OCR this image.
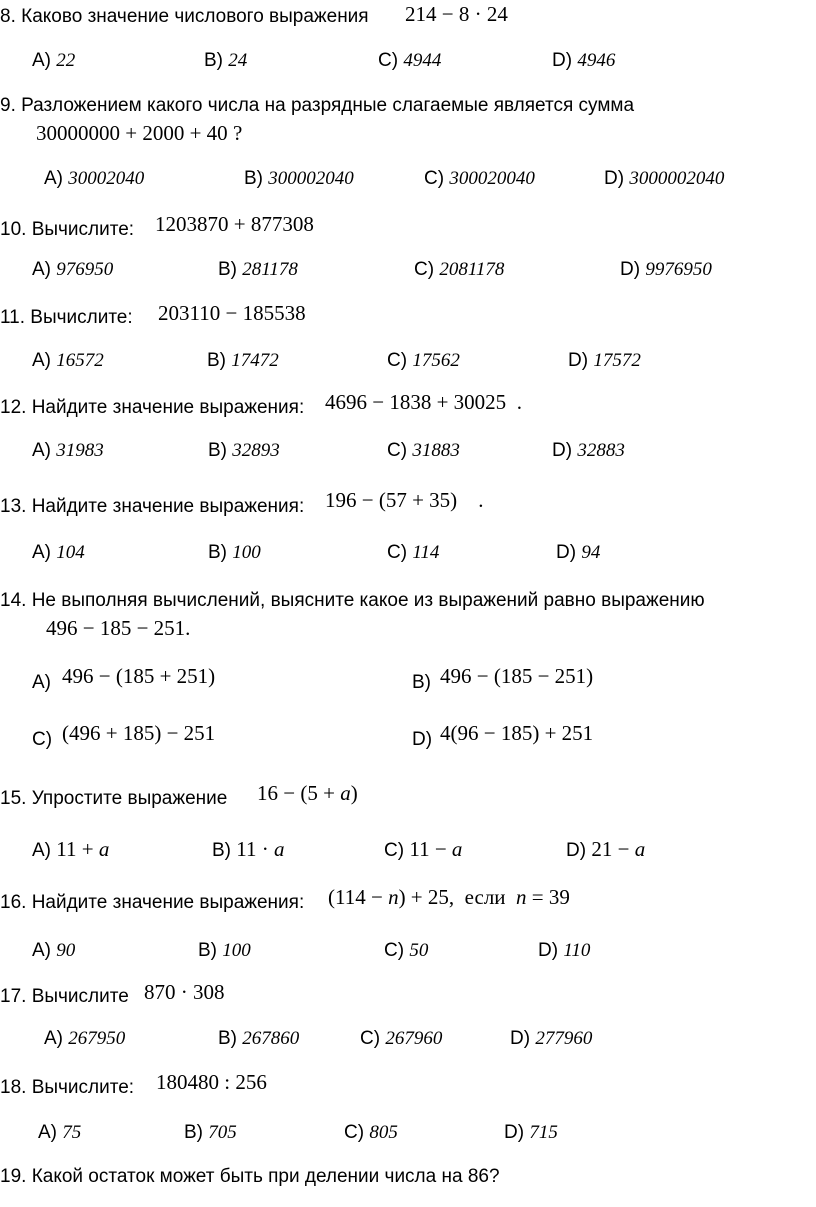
8. Каково значение числового выражения 214 − 8 · 24
A) 22	B) 24	C) 4944	D) 4946
9. Разложением какого числа на разрядные слагаемые является сумма
30000000 + 2000 + 40 ?
A) 30002040	B) 300002040	C) 300020040	D) 3000002040
10. Вычислите: 1203870 + 877308
A) 976950	B) 281178	C) 2081178	D) 9976950
11. Вычислите: 203110 − 185538
A) 16572	B) 17472	C) 17562	D) 17572
12. Найдите значение выражения: 4696 − 1838 + 30025 .
A) 31983	B) 32893	C) 31883	D) 32883
13. Найдите значение выражения: 196 − (57 + 35) .
A) 104	B) 100	C) 114	D) 94
14. Не выполняя вычислений, выясните какое из выражений равно выражению
496 − 185 − 251.
A) 496 − (185 + 251)	B) 496 − (185 − 251)
C) (496 + 185) − 251	D) 4(96 − 185) + 251
15. Упростите выражение 16 − (5 + a)
A) 11 + a	B) 11 · a	C) 11 − a	D) 21 − a
16. Найдите значение выражения: (114 − n) + 25, если n = 39
A) 90	B) 100	C) 50	D) 110
17. Вычислите 870 · 308
A) 267950	B) 267860	C) 267960	D) 277960
18. Вычислите: 180480 : 256
A) 75	B) 705	C) 805	D) 715
19. Какой остаток может быть при делении числа на 86?
